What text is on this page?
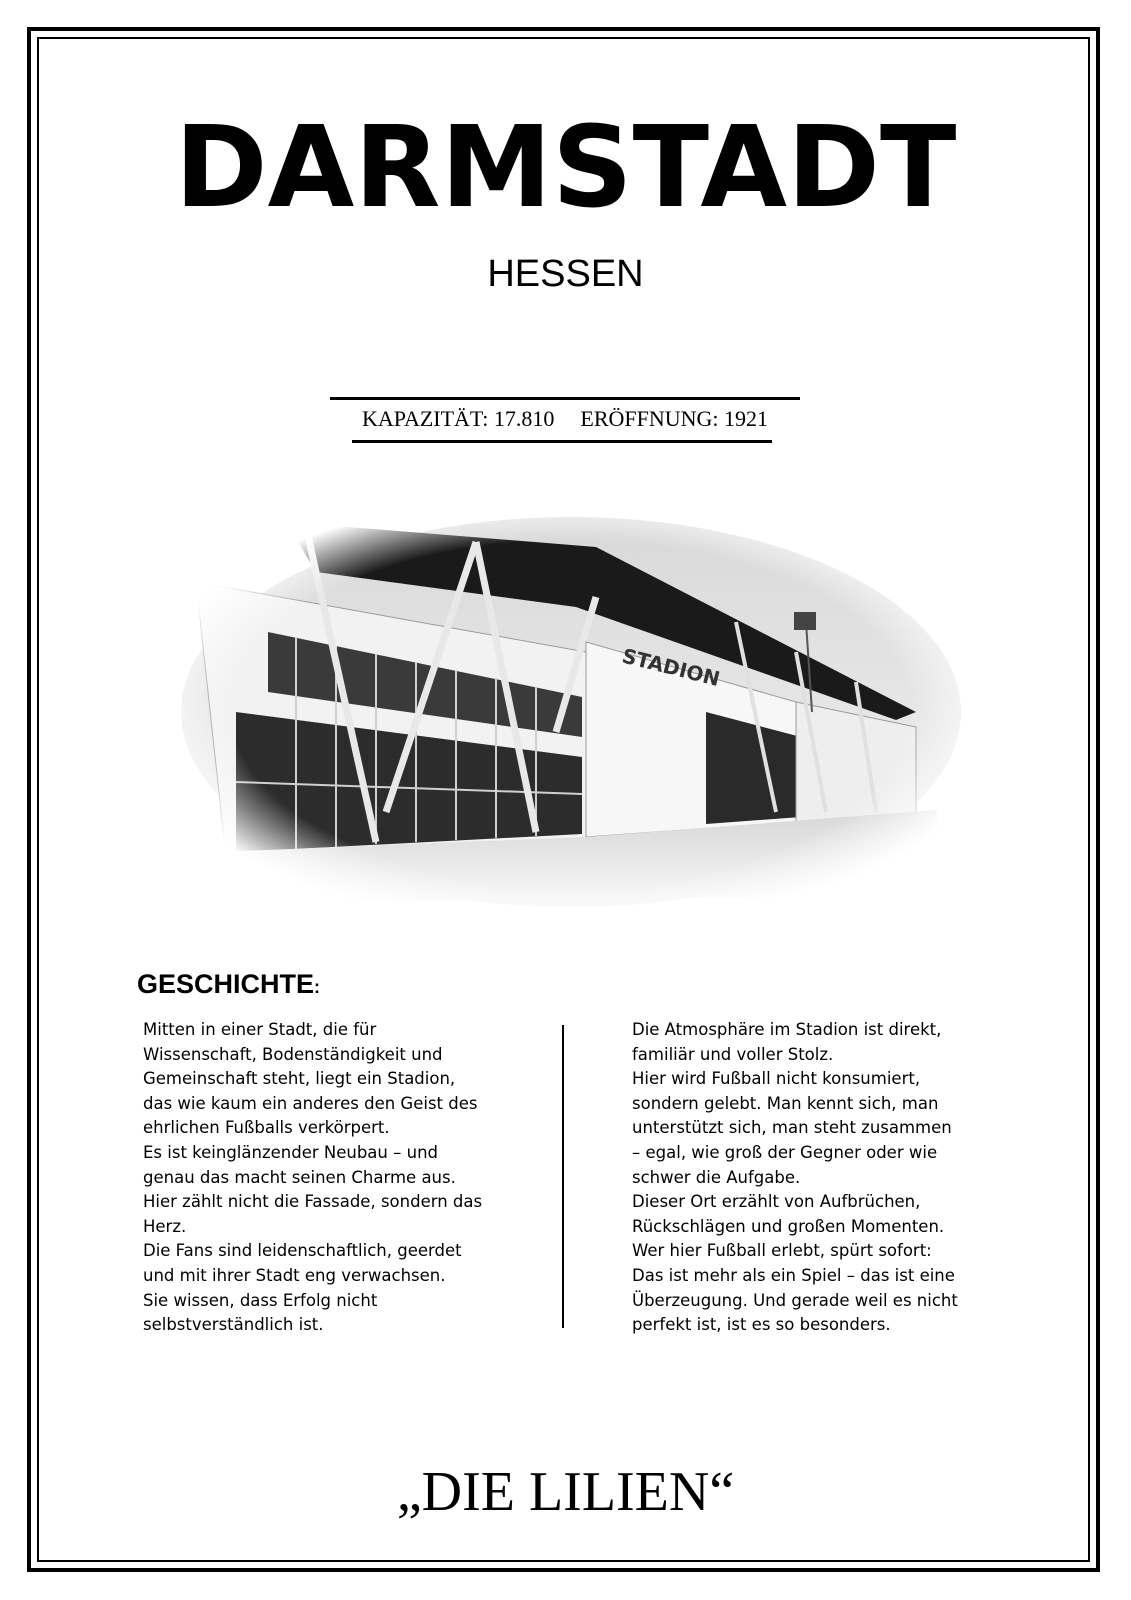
DARMSTADT
HESSEN
KAPAZITÄT: 17.810 ERÖFFNUNG: 1921
GESCHICHTE:
Mitten in einer Stadt, die für
Wissenschaft, Bodenständigkeit und
Gemeinschaft steht, liegt ein Stadion,
das wie kaum ein anderes den Geist des
ehrlichen Fußballs verkörpert.
Es ist keinglänzender Neubau – und
genau das macht seinen Charme aus.
Hier zählt nicht die Fassade, sondern das
Herz.
Die Fans sind leidenschaftlich, geerdet
und mit ihrer Stadt eng verwachsen.
Sie wissen, dass Erfolg nicht
selbstverständlich ist.
Die Atmosphäre im Stadion ist direkt,
familiär und voller Stolz.
Hier wird Fußball nicht konsumiert,
sondern gelebt. Man kennt sich, man
unterstützt sich, man steht zusammen
– egal, wie groß der Gegner oder wie
schwer die Aufgabe.
Dieser Ort erzählt von Aufbrüchen,
Rückschlägen und großen Momenten.
Wer hier Fußball erlebt, spürt sofort:
Das ist mehr als ein Spiel – das ist eine
Überzeugung. Und gerade weil es nicht
perfekt ist, ist es so besonders.
„DIE LILIEN“
